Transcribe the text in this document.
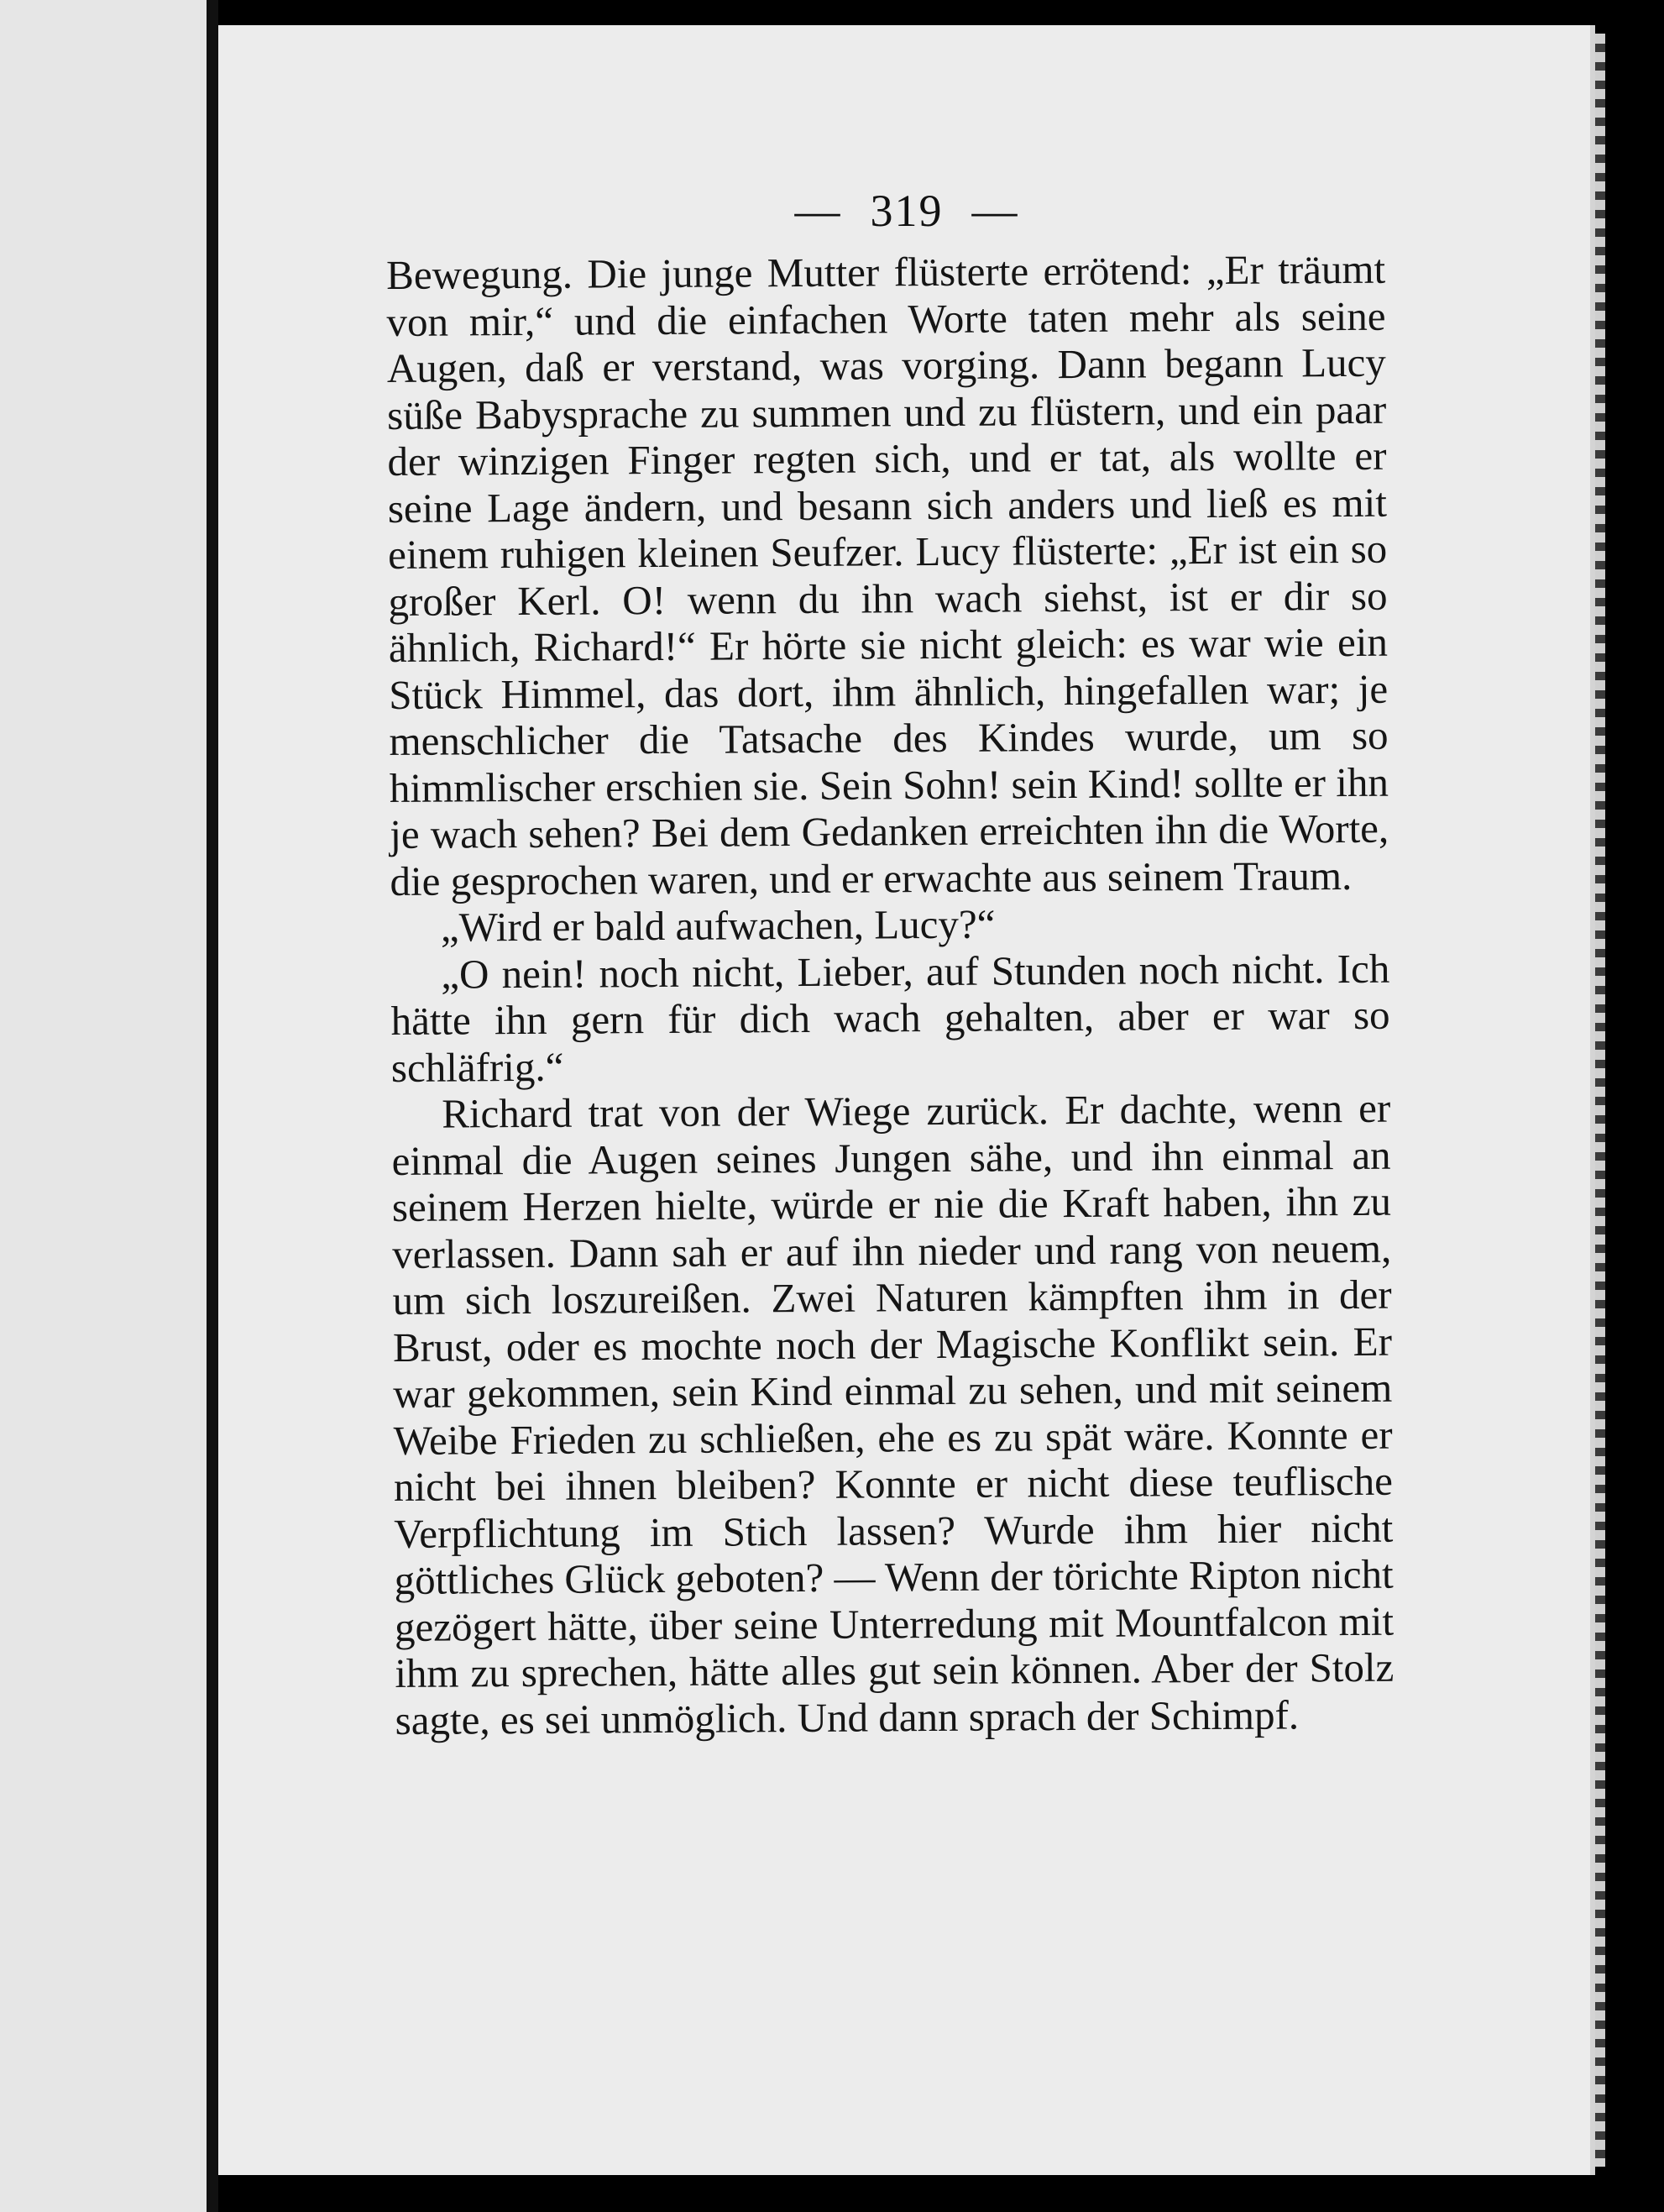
— 319 —

Bewegung. Die junge Mutter flüsterte errötend: „Er träumt von mir,“ und die einfachen Worte taten mehr als seine Augen, daß er verstand, was vorging. Dann begann Lucy süße Babysprache zu summen und zu flüstern, und ein paar der winzigen Finger regten sich, und er tat, als wollte er seine Lage ändern, und besann sich anders und ließ es mit einem ruhigen kleinen Seufzer. Lucy flüsterte: „Er ist ein so großer Kerl. O! wenn du ihn wach siehst, ist er dir so ähnlich, Richard!“ Er hörte sie nicht gleich: es war wie ein Stück Himmel, das dort, ihm ähnlich, hingefallen war; je menschlicher die Tatsache des Kindes wurde, um so himmlischer erschien sie. Sein Sohn! sein Kind! sollte er ihn je wach sehen? Bei dem Gedanken erreichten ihn die Worte, die gesprochen waren, und er erwachte aus seinem Traum.

„Wird er bald aufwachen, Lucy?“

„O nein! noch nicht, Lieber, auf Stunden noch nicht. Ich hätte ihn gern für dich wach gehalten, aber er war so schläfrig.“

Richard trat von der Wiege zurück. Er dachte, wenn er einmal die Augen seines Jungen sähe, und ihn einmal an seinem Herzen hielte, würde er nie die Kraft haben, ihn zu verlassen. Dann sah er auf ihn nieder und rang von neuem, um sich loszureißen. Zwei Naturen kämpften ihm in der Brust, oder es mochte noch der Magische Konflikt sein. Er war gekommen, sein Kind einmal zu sehen, und mit seinem Weibe Frieden zu schließen, ehe es zu spät wäre. Konnte er nicht bei ihnen bleiben? Konnte er nicht diese teuflische Verpflichtung im Stich lassen? Wurde ihm hier nicht göttliches Glück geboten? — Wenn der törichte Ripton nicht gezögert hätte, über seine Unterredung mit Mountfalcon mit ihm zu sprechen, hätte alles gut sein können. Aber der Stolz sagte, es sei unmöglich. Und dann sprach der Schimpf.
